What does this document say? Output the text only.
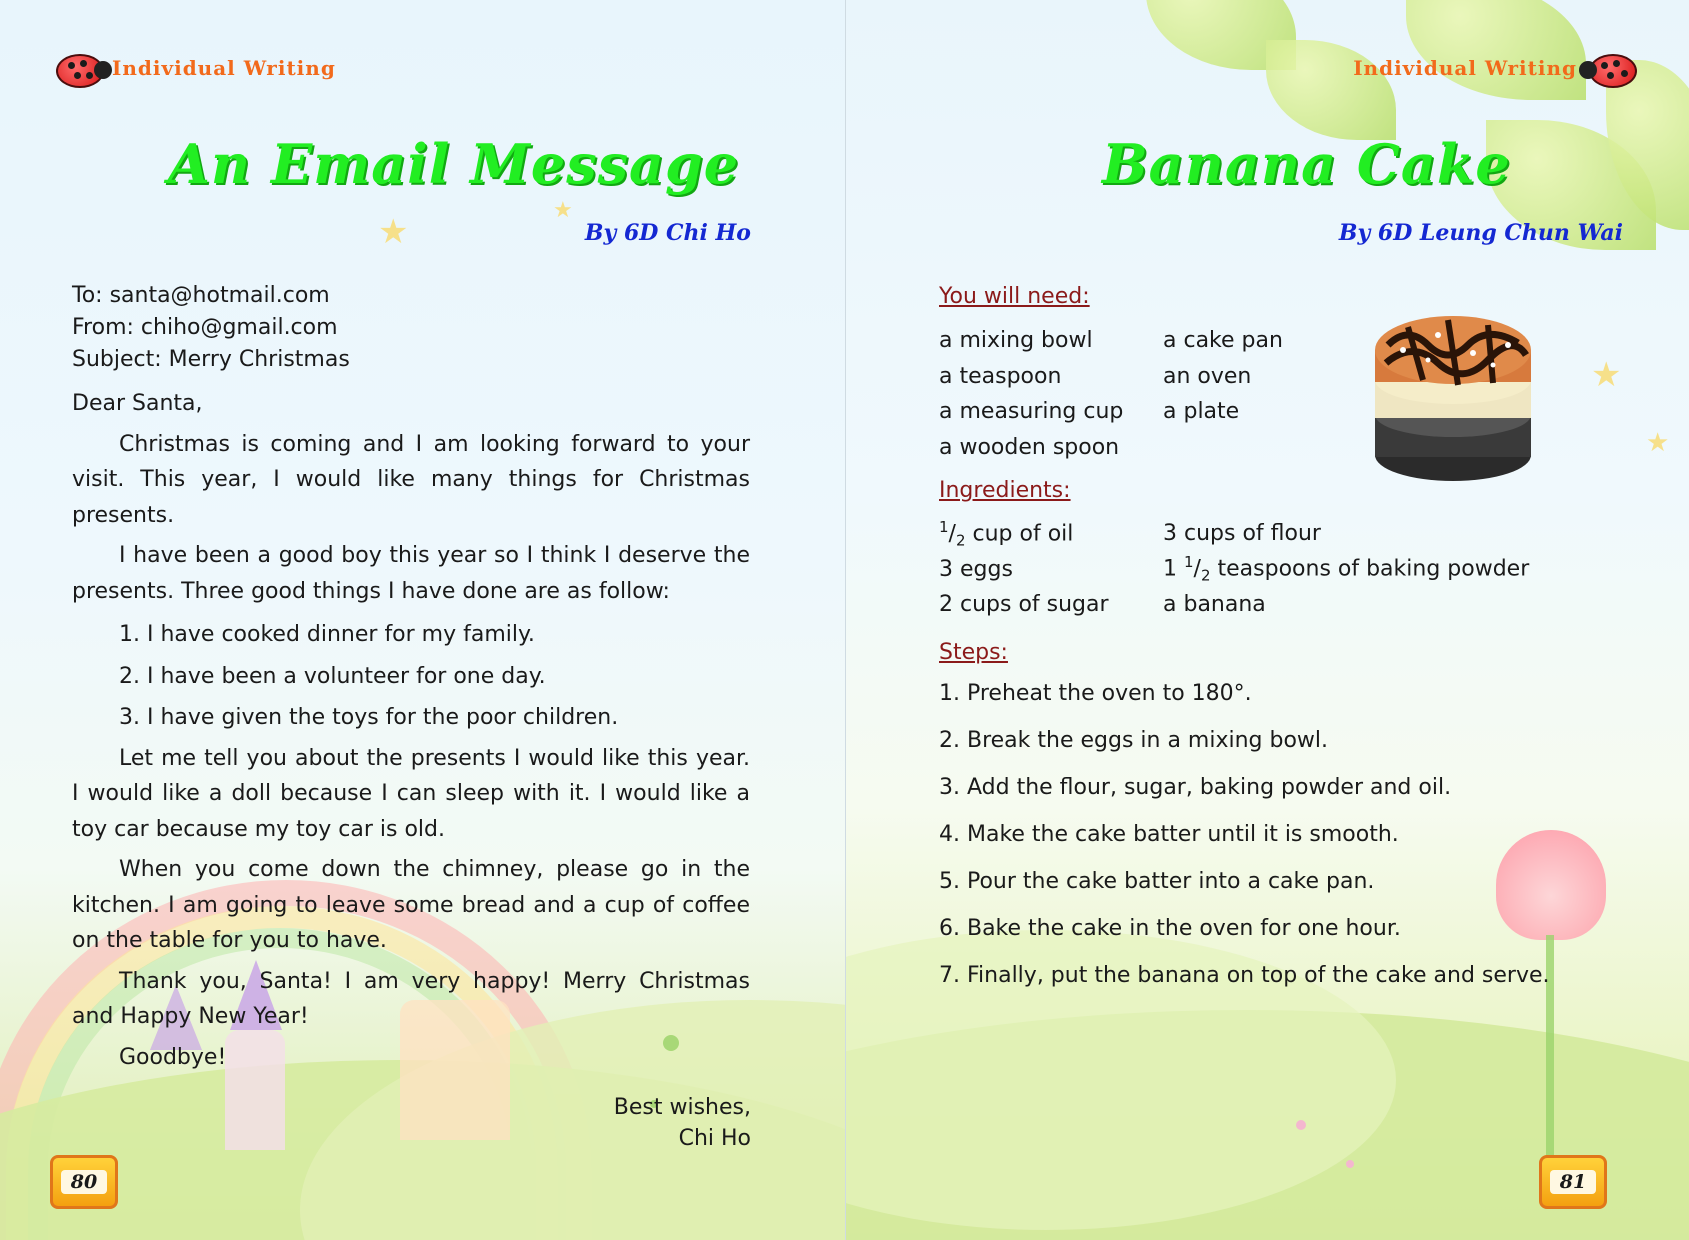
★
★
Individual Writing
An Email Message
By 6D Chi Ho
To: santa@hotmail.com
From: chiho@gmail.com
Subject: Merry Christmas

Dear Santa,

Christmas is coming and I am looking forward to your visit. This year, I would like many things for Christmas presents.

I have been a good boy this year so I think I deserve the presents. Three good things I have done are as follow:

1. I have cooked dinner for my family.
2. I have been a volunteer for one day.
3. I have given the toys for the poor children.

Let me tell you about the presents I would like this year. I would like a doll because I can sleep with it. I would like a toy car because my toy car is old.

When you come down the chimney, please go in the kitchen. I am going to leave some bread and a cup of coffee on the table for you to have.

Thank you, Santa! I am very happy! Merry Christmas and Happy New Year!

Goodbye!

Best wishes,
Chi Ho
80
★
★
Individual Writing
Banana Cake
By 6D Leung Chun Wai
You will need:
a mixing bowl	a cake pan
a teaspoon	an oven
a measuring cup	a plate
a wooden spoon
Ingredients:
$^1/_2$ cup of oil	3 cups of flour
3 eggs	1 $^1/_2$ teaspoons of baking powder
2 cups of sugar	a banana
Steps:
1. Preheat the oven to 180°.
2. Break the eggs in a mixing bowl.
3. Add the flour, sugar, baking powder and oil.
4. Make the cake batter until it is smooth.
5. Pour the cake batter into a cake pan.
6. Bake the cake in the oven for one hour.
7. Finally, put the banana on top of the cake and serve.
81
